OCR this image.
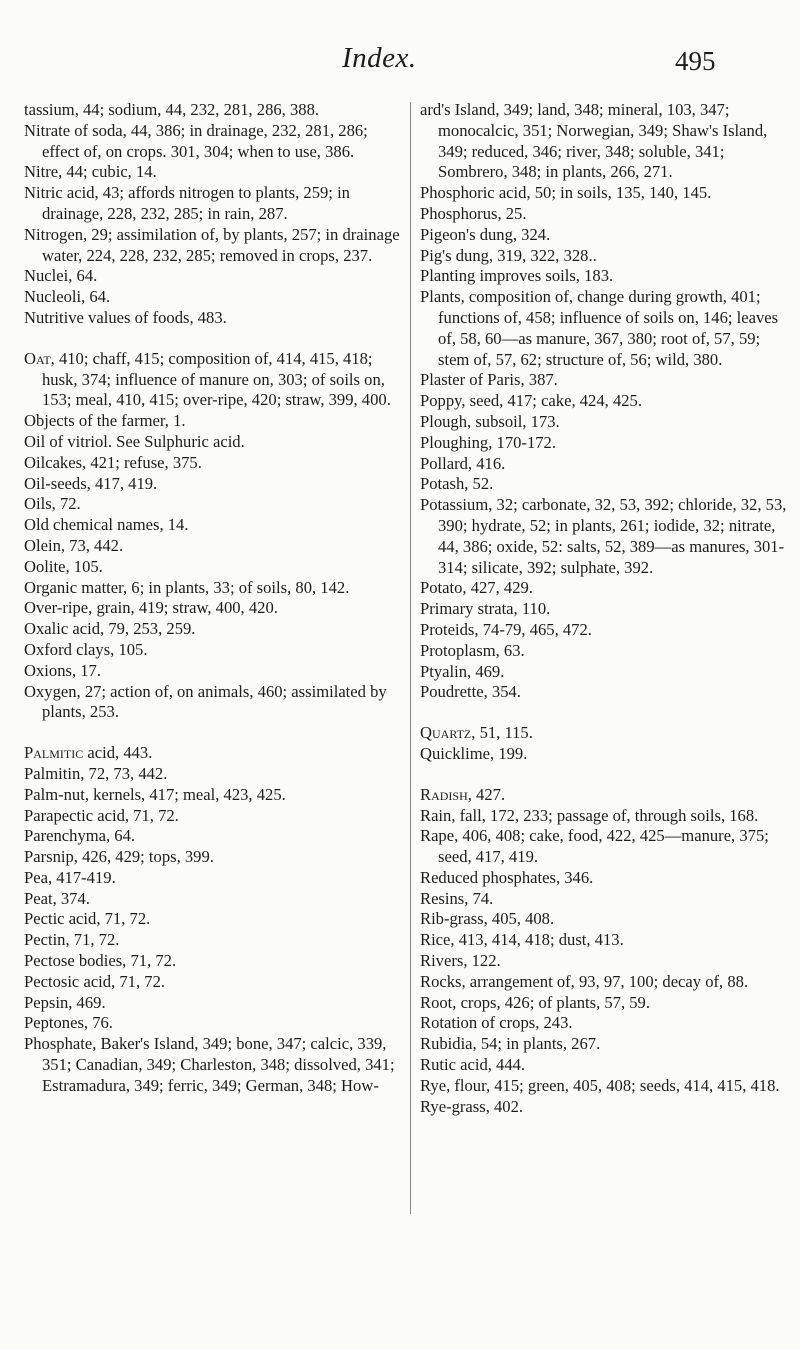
Index.	495
tassium, 44; sodium, 44, 232, 281, 286, 388.
Nitrate of soda, 44, 386; in drainage, 232, 281, 286; effect of, on crops. 301, 304; when to use, 386.
Nitre, 44; cubic, 14.
Nitric acid, 43; affords nitrogen to plants, 259; in drainage, 228, 232, 285; in rain, 287.
Nitrogen, 29; assimilation of, by plants, 257; in drainage water, 224, 228, 232, 285; removed in crops, 237.
Nuclei, 64.
Nucleoli, 64.
Nutritive values of foods, 483.
Oat, 410; chaff, 415; composition of, 414, 415, 418; husk, 374; influence of manure on, 303; of soils on, 153; meal, 410, 415; over-ripe, 420; straw, 399, 400.
Objects of the farmer, 1.
Oil of vitriol. See Sulphuric acid.
Oilcakes, 421; refuse, 375.
Oil-seeds, 417, 419.
Oils, 72.
Old chemical names, 14.
Olein, 73, 442.
Oolite, 105.
Organic matter, 6; in plants, 33; of soils, 80, 142.
Over-ripe, grain, 419; straw, 400, 420.
Oxalic acid, 79, 253, 259.
Oxford clays, 105.
Oxions, 17.
Oxygen, 27; action of, on animals, 460; assimilated by plants, 253.
Palmitic acid, 443.
Palmitin, 72, 73, 442.
Palm-nut, kernels, 417; meal, 423, 425.
Parapectic acid, 71, 72.
Parenchyma, 64.
Parsnip, 426, 429; tops, 399.
Pea, 417-419.
Peat, 374.
Pectic acid, 71, 72.
Pectin, 71, 72.
Pectose bodies, 71, 72.
Pectosic acid, 71, 72.
Pepsin, 469.
Peptones, 76.
Phosphate, Baker's Island, 349; bone, 347; calcic, 339, 351; Canadian, 349; Charleston, 348; dissolved, 341; Estramadura, 349; ferric, 349; German, 348; How-
ard's Island, 349; land, 348; mineral, 103, 347; monocalcic, 351; Norwegian, 349; Shaw's Island, 349; reduced, 346; river, 348; soluble, 341; Sombrero, 348; in plants, 266, 271.
Phosphoric acid, 50; in soils, 135, 140, 145.
Phosphorus, 25.
Pigeon's dung, 324.
Pig's dung, 319, 322, 328..
Planting improves soils, 183.
Plants, composition of, change during growth, 401; functions of, 458; influence of soils on, 146; leaves of, 58, 60—as manure, 367, 380; root of, 57, 59; stem of, 57, 62; structure of, 56; wild, 380.
Plaster of Paris, 387.
Poppy, seed, 417; cake, 424, 425.
Plough, subsoil, 173.
Ploughing, 170-172.
Pollard, 416.
Potash, 52.
Potassium, 32; carbonate, 32, 53, 392; chloride, 32, 53, 390; hydrate, 52; in plants, 261; iodide, 32; nitrate, 44, 386; oxide, 52: salts, 52, 389—as manures, 301-314; silicate, 392; sulphate, 392.
Potato, 427, 429.
Primary strata, 110.
Proteids, 74-79, 465, 472.
Protoplasm, 63.
Ptyalin, 469.
Poudrette, 354.
Quartz, 51, 115.
Quicklime, 199.
Radish, 427.
Rain, fall, 172, 233; passage of, through soils, 168.
Rape, 406, 408; cake, food, 422, 425—manure, 375; seed, 417, 419.
Reduced phosphates, 346.
Resins, 74.
Rib-grass, 405, 408.
Rice, 413, 414, 418; dust, 413.
Rivers, 122.
Rocks, arrangement of, 93, 97, 100; decay of, 88.
Root, crops, 426; of plants, 57, 59.
Rotation of crops, 243.
Rubidia, 54; in plants, 267.
Rutic acid, 444.
Rye, flour, 415; green, 405, 408; seeds, 414, 415, 418.
Rye-grass, 402.
